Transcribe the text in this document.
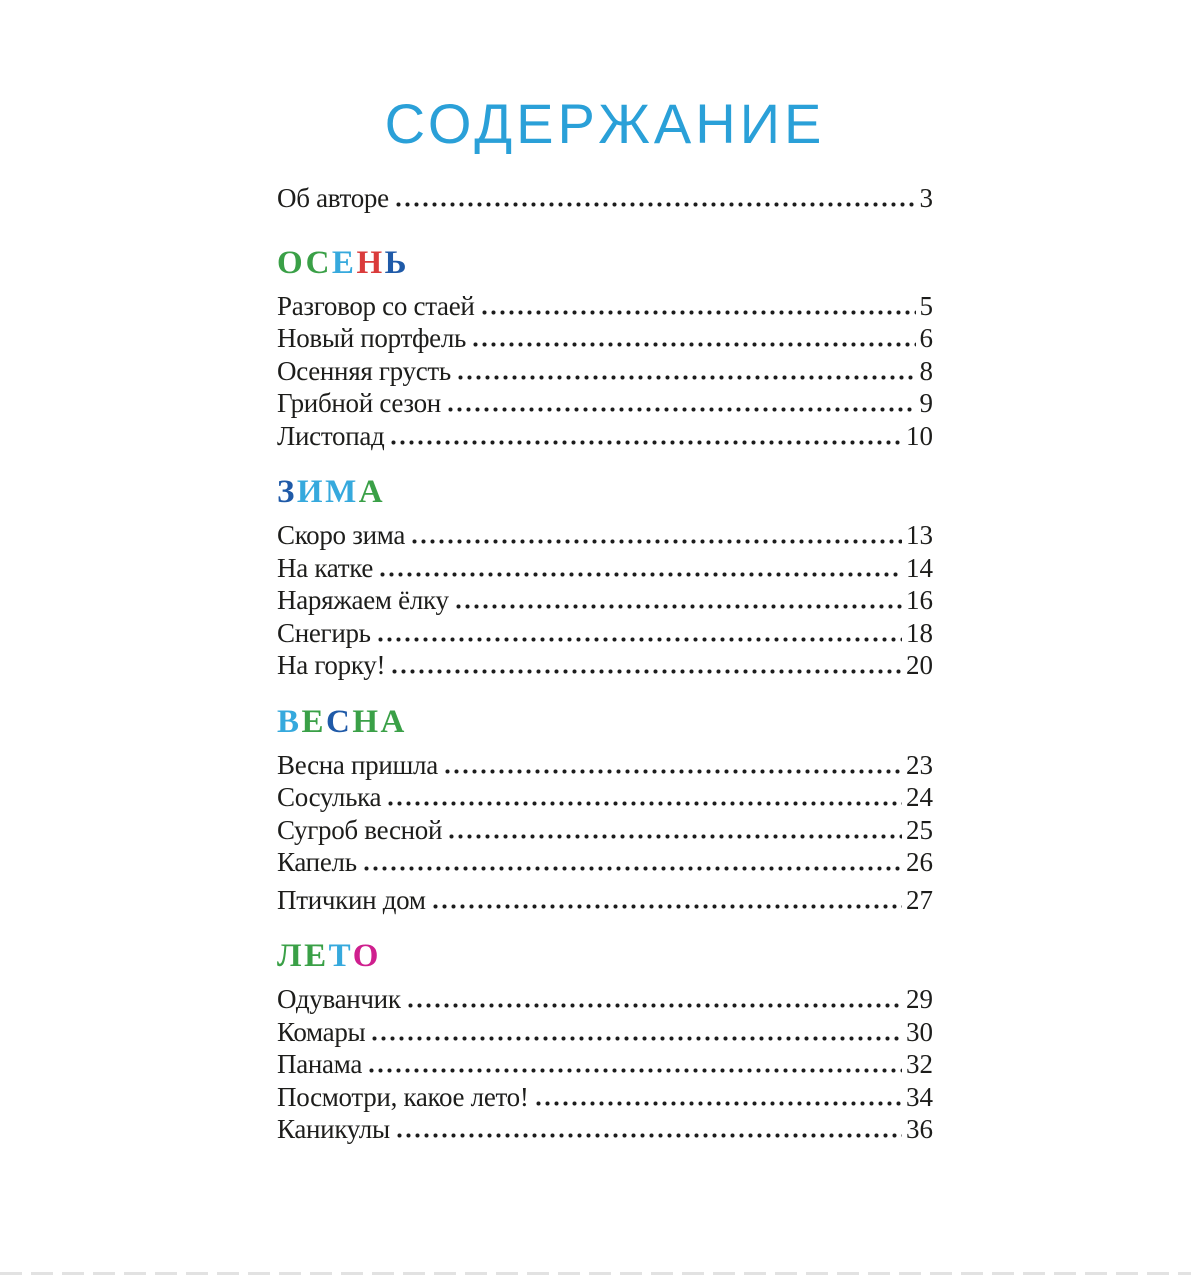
СОДЕРЖАНИЕ
Об авторе	3
ОСЕНЬ
Разговор со стаей	5
Новый портфель	6
Осенняя грусть	8
Грибной сезон	9
Листопад	10
ЗИМА
Скоро зима	13
На катке	14
Наряжаем ёлку	16
Снегирь	18
На горку!	20
ВЕСНА
Весна пришла	23
Сосулька	24
Сугроб весной	25
Капель	26
Птичкин дом	27
ЛЕТО
Одуванчик	29
Комары	30
Панама	32
Посмотри, какое лето!	34
Каникулы	36
